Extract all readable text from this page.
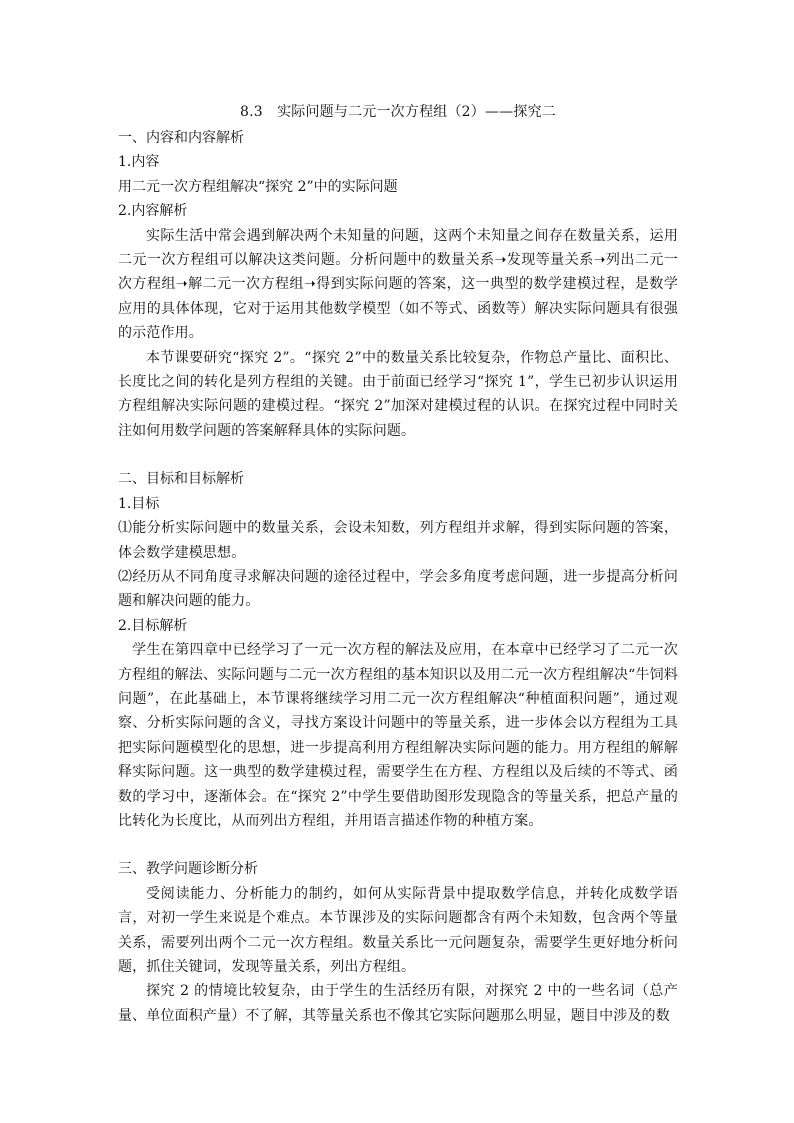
8.3　实际问题与二元一次方程组（2）——探究二

一、内容和内容解析

1.内容

用二元一次方程组解决“探究 2”中的实际问题

2.内容解析

实际生活中常会遇到解决两个未知量的问题，这两个未知量之间存在数量关系，运用二元一次方程组可以解决这类问题。分析问题中的数量关系➝发现等量关系➝列出二元一次方程组➝解二元一次方程组➝得到实际问题的答案，这一典型的数学建模过程，是数学应用的具体体现，它对于运用其他数学模型（如不等式、函数等）解决实际问题具有很强的示范作用。

本节课要研究“探究 2”。“探究 2”中的数量关系比较复杂，作物总产量比、面积比、长度比之间的转化是列方程组的关键。由于前面已经学习“探究 1”，学生已初步认识运用方程组解决实际问题的建模过程。“探究 2”加深对建模过程的认识。在探究过程中同时关注如何用数学问题的答案解释具体的实际问题。

二、目标和目标解析

1.目标

⑴能分析实际问题中的数量关系，会设未知数，列方程组并求解，得到实际问题的答案，体会数学建模思想。

⑵经历从不同角度寻求解决问题的途径过程中，学会多角度考虑问题，进一步提高分析问题和解决问题的能力。

2.目标解析

学生在第四章中已经学习了一元一次方程的解法及应用，在本章中已经学习了二元一次方程组的解法、实际问题与二元一次方程组的基本知识以及用二元一次方程组解决“牛饲料问题”，在此基础上，本节课将继续学习用二元一次方程组解决“种植面积问题”，通过观察、分析实际问题的含义，寻找方案设计问题中的等量关系，进一步体会以方程组为工具把实际问题模型化的思想，进一步提高利用方程组解决实际问题的能力。用方程组的解解释实际问题。这一典型的数学建模过程，需要学生在方程、方程组以及后续的不等式、函数的学习中，逐渐体会。在“探究 2”中学生要借助图形发现隐含的等量关系，把总产量的比转化为长度比，从而列出方程组，并用语言描述作物的种植方案。

三、教学问题诊断分析

受阅读能力、分析能力的制约，如何从实际背景中提取数学信息，并转化成数学语言，对初一学生来说是个难点。本节课涉及的实际问题都含有两个未知数，包含两个等量关系，需要列出两个二元一次方程组。数量关系比一元问题复杂，需要学生更好地分析问题，抓住关键词，发现等量关系，列出方程组。

探究 2 的情境比较复杂，由于学生的生活经历有限，对探究 2 中的一些名词（总产量、单位面积产量）不了解，其等量关系也不像其它实际问题那么明显，题目中涉及的数
